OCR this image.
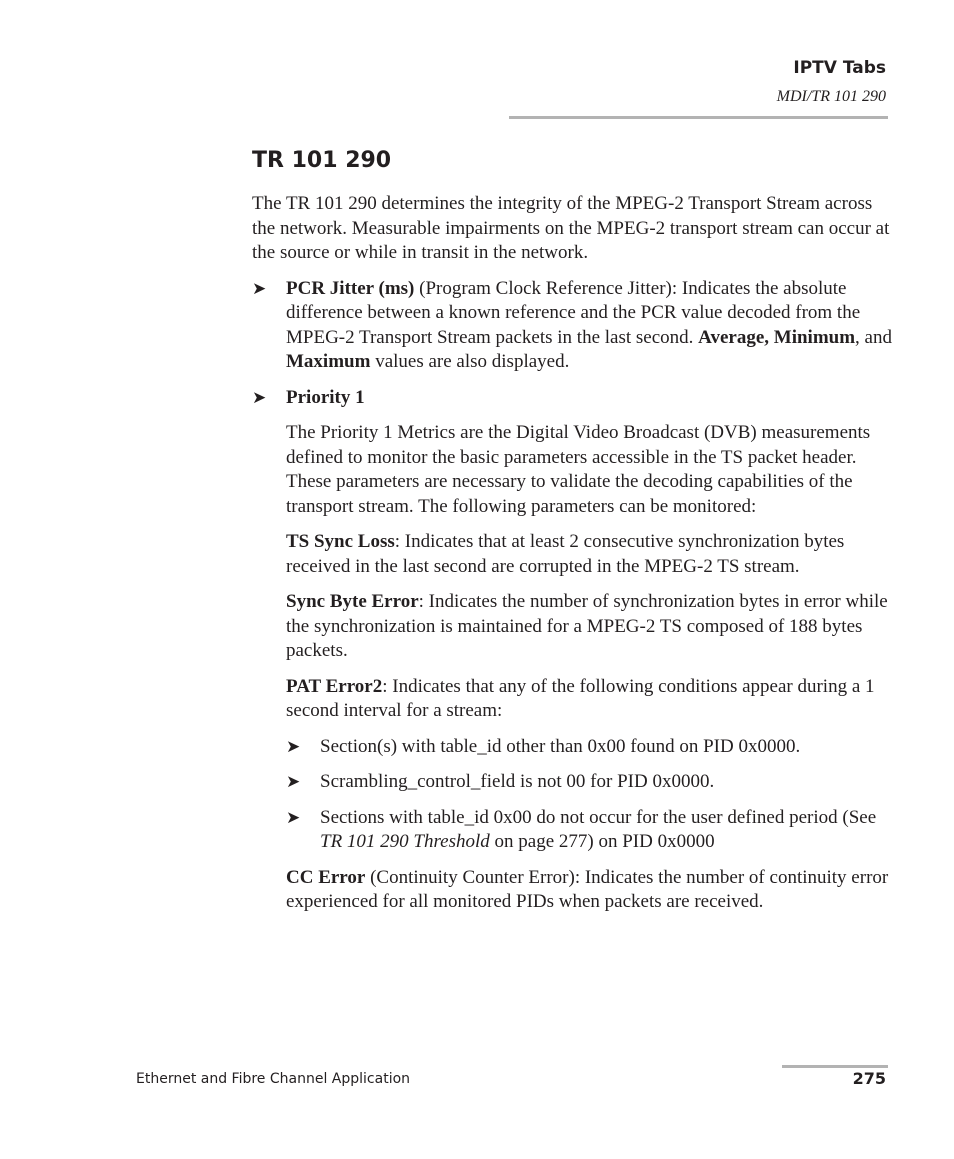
IPTV Tabs
MDI/TR 101 290
TR 101 290

The TR 101 290 determines the integrity of the MPEG-2 Transport Stream across the network. Measurable impairments on the MPEG-2 transport stream can occur at the source or while in transit in the network.

➤ PCR Jitter (ms) (Program Clock Reference Jitter): Indicates the absolute difference between a known reference and the PCR value decoded from the MPEG-2 Transport Stream packets in the last second. Average, Minimum, and Maximum values are also displayed.
➤ Priority 1

The Priority 1 Metrics are the Digital Video Broadcast (DVB) measurements defined to monitor the basic parameters accessible in the TS packet header. These parameters are necessary to validate the decoding capabilities of the transport stream. The following parameters can be monitored:

TS Sync Loss: Indicates that at least 2 consecutive synchronization bytes received in the last second are corrupted in the MPEG-2 TS stream.

Sync Byte Error: Indicates the number of synchronization bytes in error while the synchronization is maintained for a MPEG-2 TS composed of 188 bytes packets.

PAT Error2: Indicates that any of the following conditions appear during a 1 second interval for a stream:

➤ Section(s) with table_id other than 0x00 found on PID 0x0000.
➤ Scrambling_control_field is not 00 for PID 0x0000.
➤ Sections with table_id 0x00 do not occur for the user defined period (See TR 101 290 Threshold on page 277) on PID 0x0000

CC Error (Continuity Counter Error): Indicates the number of continuity error experienced for all monitored PIDs when packets are received.

Ethernet and Fibre Channel Application	275
